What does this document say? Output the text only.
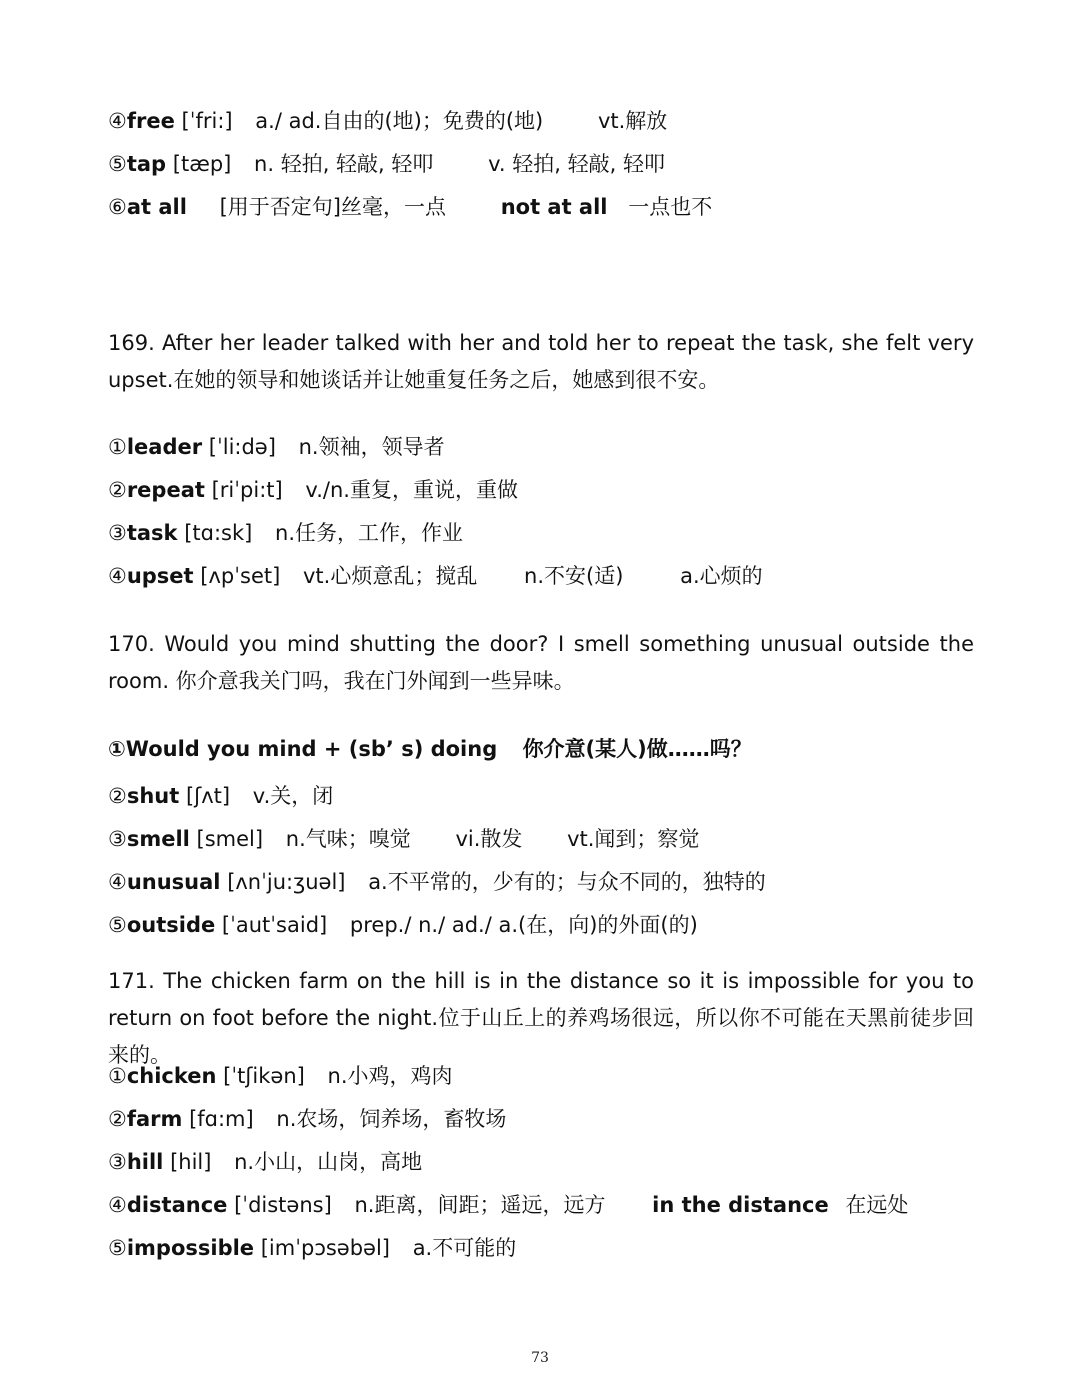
④free [ˈfri:] a./ ad.自由的(地)；免费的(地)	vt.解放
⑤tap [tæp] n. 轻拍, 轻敲, 轻叩	v. 轻拍, 轻敲, 轻叩
⑥at all [用于否定句]丝毫，一点	not at all 一点也不
169. After her leader talked with her and told her to repeat the task, she felt very upset.在她的领导和她谈话并让她重复任务之后，她感到很不安。
①leader [ˈli:də] n.领袖，领导者
②repeat [riˈpi:t] v./n.重复，重说，重做
③task [tɑ:sk] n.任务，工作，作业
④upset [ʌpˈset] vt.心烦意乱；搅乱 n.不安(适)	a.心烦的
170. Would you mind shutting the door? I smell something unusual outside the room. 你介意我关门吗，我在门外闻到一些异味。
①Would you mind + (sb’ s) doing 你介意(某人)做……吗？
②shut [ʃʌt] v.关，闭
③smell [smel] n.气味；嗅觉 vi.散发 vt.闻到；察觉
④unusual [ʌnˈju:ʒuəl] a.不平常的，少有的；与众不同的，独特的
⑤outside [ˈautˈsaid] prep./ n./ ad./ a.(在，向)的外面(的)
171. The chicken farm on the hill is in the distance so it is impossible for you to return on foot before the night.位于山丘上的养鸡场很远，所以你不可能在天黑前徒步回来的。
①chicken [ˈtʃikən] n.小鸡，鸡肉
②farm [fɑ:m] n.农场，饲养场，畜牧场
③hill [hil] n.小山，山岗，高地
④distance [ˈdistəns] n.距离，间距；遥远，远方 in the distance 在远处
⑤impossible [imˈpɔsəbəl] a.不可能的
73
